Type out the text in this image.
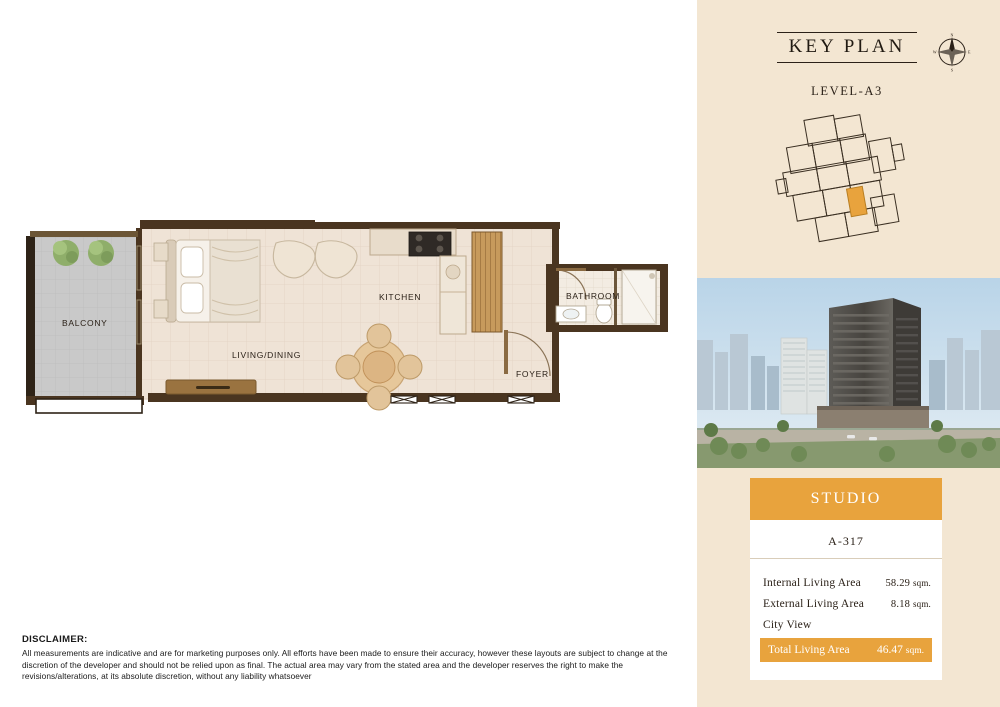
BALCONY
LIVING/DINING
KITCHEN	BATHROOM
FOYER
DISCLAIMER:
All measurements are indicative and are for marketing purposes only. All efforts have been made to ensure their accuracy, however these layouts are subject to change at the discretion of the developer and should not be relied upon as final. The actual area may vary from the stated area and the developer reserves the right to make the revisions/alterations, at its absolute discretion, without any liability whatsoever
KEY PLAN
LEVEL-A3
N
S
E
W
STUDIO
A-317
Internal Living Area 58.29 sqm.
External Living Area	8.18 sqm.
City View
Total Living Area 46.47 sqm.
